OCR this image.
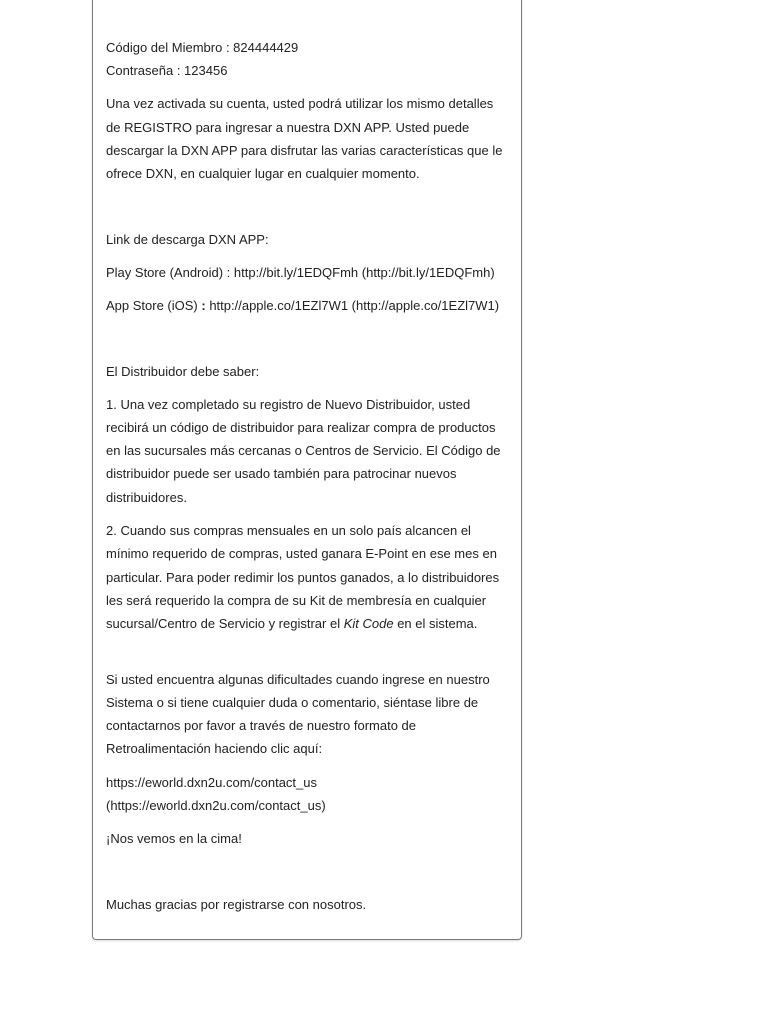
Código del Miembro : 824444429
Contraseña : 123456
Una vez activada su cuenta, usted podrá utilizar los mismo detalles
de REGISTRO para ingresar a nuestra DXN APP. Usted puede
descargar la DXN APP para disfrutar las varias características que le
ofrece DXN, en cualquier lugar en cualquier momento.
Link de descarga DXN APP:
Play Store (Android) : http://bit.ly/1EDQFmh (http://bit.ly/1EDQFmh)
App Store (iOS) : http://apple.co/1EZl7W1 (http://apple.co/1EZl7W1)
El Distribuidor debe saber:
1. Una vez completado su registro de Nuevo Distribuidor, usted
recibirá un código de distribuidor para realizar compra de productos
en las sucursales más cercanas o Centros de Servicio. El Código de
distribuidor puede ser usado también para patrocinar nuevos
distribuidores.
2. Cuando sus compras mensuales en un solo país alcancen el
mínimo requerido de compras, usted ganara E-Point en ese mes en
particular. Para poder redimir los puntos ganados, a lo distribuidores
les será requerido la compra de su Kit de membresía en cualquier
sucursal/Centro de Servicio y registrar el Kit Code en el sistema.
Si usted encuentra algunas dificultades cuando ingrese en nuestro
Sistema o si tiene cualquier duda o comentario, siéntase libre de
contactarnos por favor a través de nuestro formato de
Retroalimentación haciendo clic aquí:
https://eworld.dxn2u.com/contact_us
(https://eworld.dxn2u.com/contact_us)
¡Nos vemos en la cima!
Muchas gracias por registrarse con nosotros.
